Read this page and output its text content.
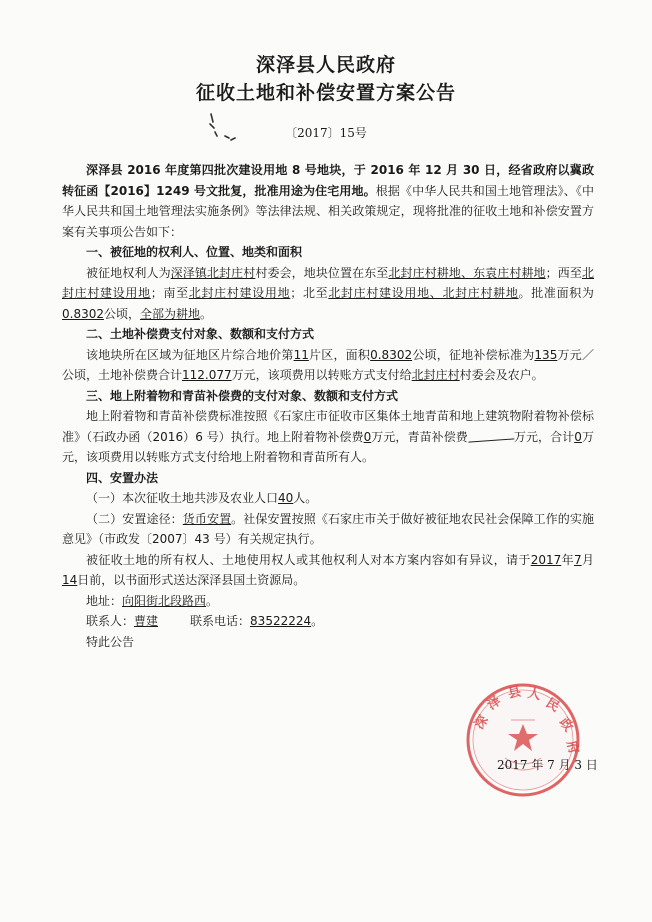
深泽县人民政府
征收土地和补偿安置方案公告
〔2017〕15号

深泽县 2016 年度第四批次建设用地 8 号地块，于 2016 年 12 月 30 日，经省政府以冀政转征函【2016】1249 号文批复，批准用途为住宅用地。根据《中华人民共和国土地管理法》、《中华人民共和国土地管理法实施条例》等法律法规、相关政策规定，现将批准的征收土地和补偿安置方案有关事项公告如下：

一、被征地的权利人、位置、地类和面积

被征地权利人为深泽镇北封庄村村委会，地块位置在东至北封庄村耕地、东袁庄村耕地；西至北封庄村建设用地；南至北封庄村建设用地；北至北封庄村建设用地、北封庄村耕地。批准面积为0.8302公顷，全部为耕地。

二、土地补偿费支付对象、数额和支付方式

该地块所在区域为征地区片综合地价第11片区，面积0.8302公顷，征地补偿标准为135万元／公顷，土地补偿费合计112.077万元，该项费用以转账方式支付给北封庄村村委会及农户。

三、地上附着物和青苗补偿费的支付对象、数额和支付方式

地上附着物和青苗补偿费标准按照《石家庄市征收市区集体土地青苗和地上建筑物附着物补偿标准》（石政办函（2016）6 号）执行。地上附着物补偿费0万元，青苗补偿费	万元，合计0万元，该项费用以转账方式支付给地上附着物和青苗所有人。

四、安置办法

（一）本次征收土地共涉及农业人口40人。

（二）安置途径：货币安置。社保安置按照《石家庄市关于做好被征地农民社会保障工作的实施意见》（市政发〔2007〕43 号）有关规定执行。

被征收土地的所有权人、土地使用权人或其他权利人对本方案内容如有异议，请于2017年7月14日前，以书面形式送达深泽县国土资源局。

地址：向阳街北段路西。

联系人：曹建	联系电话：83522224。

特此公告

深
泽
县 人
民
政
府
2017 年 7 月 3 日
